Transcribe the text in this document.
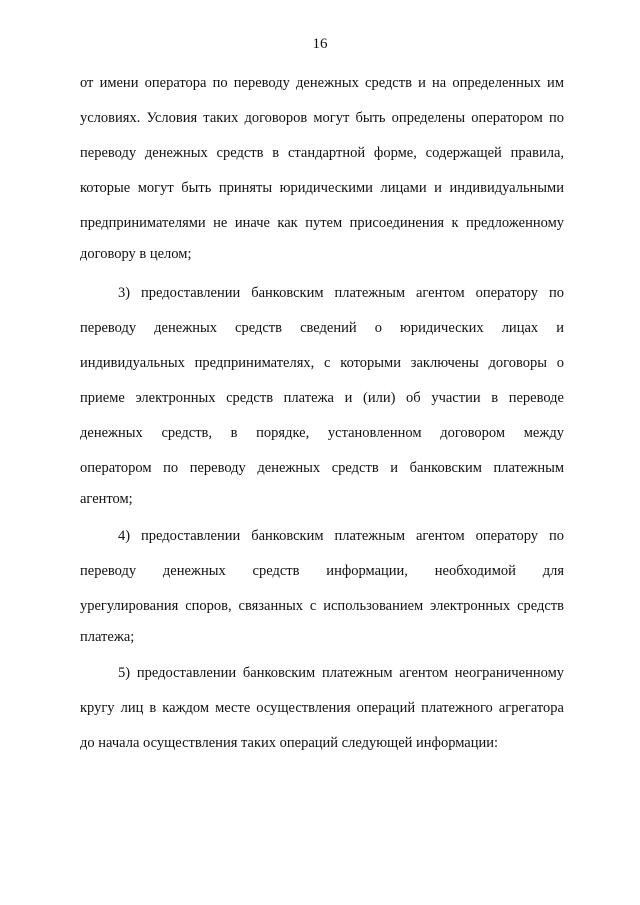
16
от имени оператора по переводу денежных средств и на определенных им
условиях. Условия таких договоров могут быть определены оператором по
переводу денежных средств в стандартной форме, содержащей правила,
которые могут быть приняты юридическими лицами и индивидуальными
предпринимателями не иначе как путем присоединения к предложенному
договору в целом;
3) предоставлении банковским платежным агентом оператору по
переводу денежных средств сведений о юридических лицах и
индивидуальных предпринимателях, с которыми заключены договоры о
приеме электронных средств платежа и (или) об участии в переводе
денежных средств, в порядке, установленном договором между
оператором по переводу денежных средств и банковским платежным
агентом;
4) предоставлении банковским платежным агентом оператору по
переводу денежных средств информации, необходимой для
урегулирования споров, связанных с использованием электронных средств
платежа;
5) предоставлении банковским платежным агентом неограниченному
кругу лиц в каждом месте осуществления операций платежного агрегатора
до начала осуществления таких операций следующей информации:
